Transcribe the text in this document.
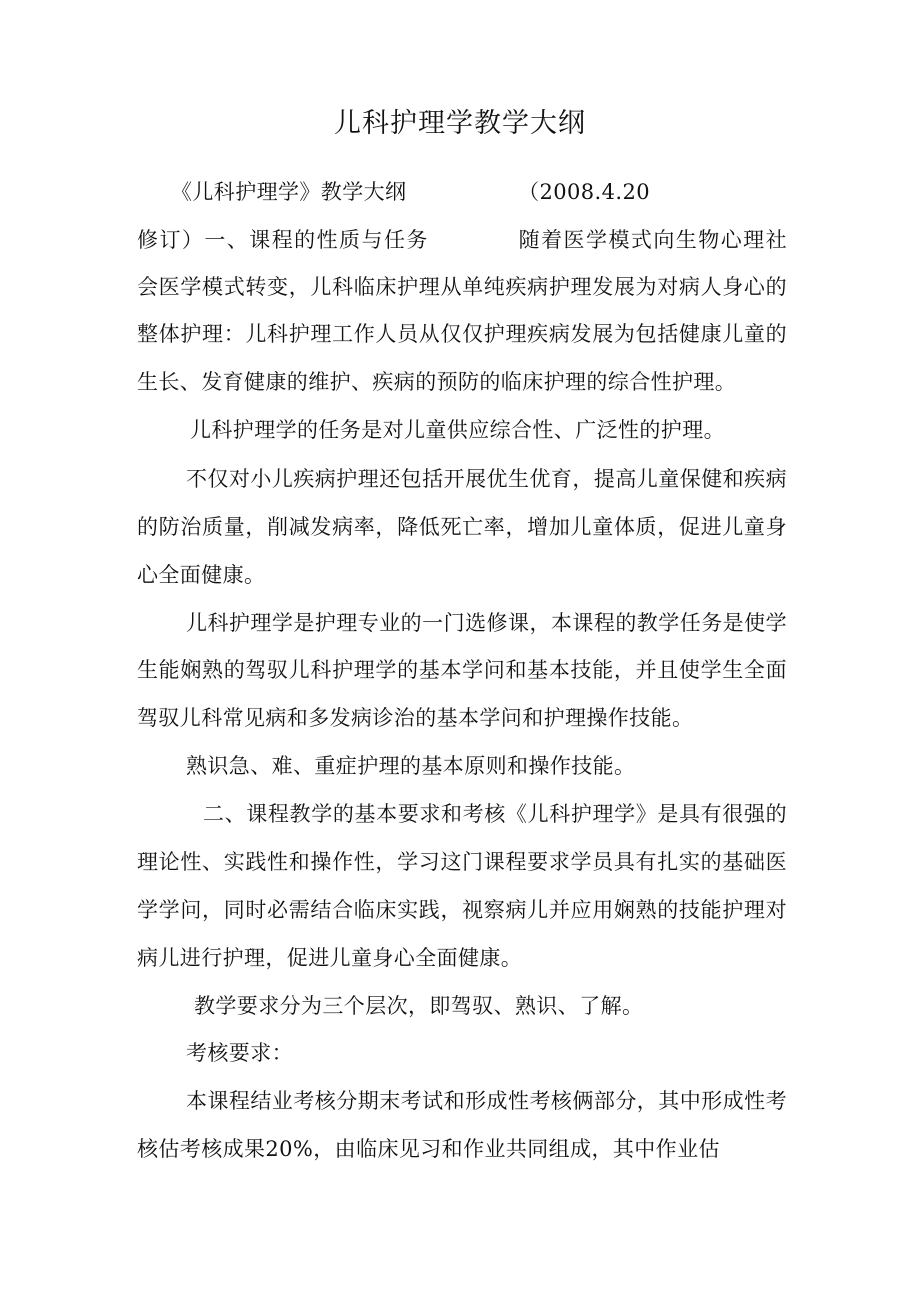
儿科护理学教学大纲
《儿科护理学》教学大纲	（2008.4.20
修订）一、课程的性质与任务　　　　随着医学模式向生物心理社
会医学模式转变，儿科临床护理从单纯疾病护理发展为对病人身心的
整体护理：儿科护理工作人员从仅仅护理疾病发展为包括健康儿童的
生长、发育健康的维护、疾病的预防的临床护理的综合性护理。
儿科护理学的任务是对儿童供应综合性、广泛性的护理。
不仅对小儿疾病护理还包括开展优生优育，提高儿童保健和疾病
的防治质量，削减发病率，降低死亡率，增加儿童体质，促进儿童身
心全面健康。
儿科护理学是护理专业的一门选修课，本课程的教学任务是使学
生能娴熟的驾驭儿科护理学的基本学问和基本技能，并且使学生全面
驾驭儿科常见病和多发病诊治的基本学问和护理操作技能。
熟识急、难、重症护理的基本原则和操作技能。
二、课程教学的基本要求和考核《儿科护理学》是具有很强的
理论性、实践性和操作性，学习这门课程要求学员具有扎实的基础医
学学问，同时必需结合临床实践，视察病儿并应用娴熟的技能护理对
病儿进行护理，促进儿童身心全面健康。
教学要求分为三个层次，即驾驭、熟识、了解。
考核要求：
本课程结业考核分期末考试和形成性考核俩部分，其中形成性考
核估考核成果20%，由临床见习和作业共同组成，其中作业估
